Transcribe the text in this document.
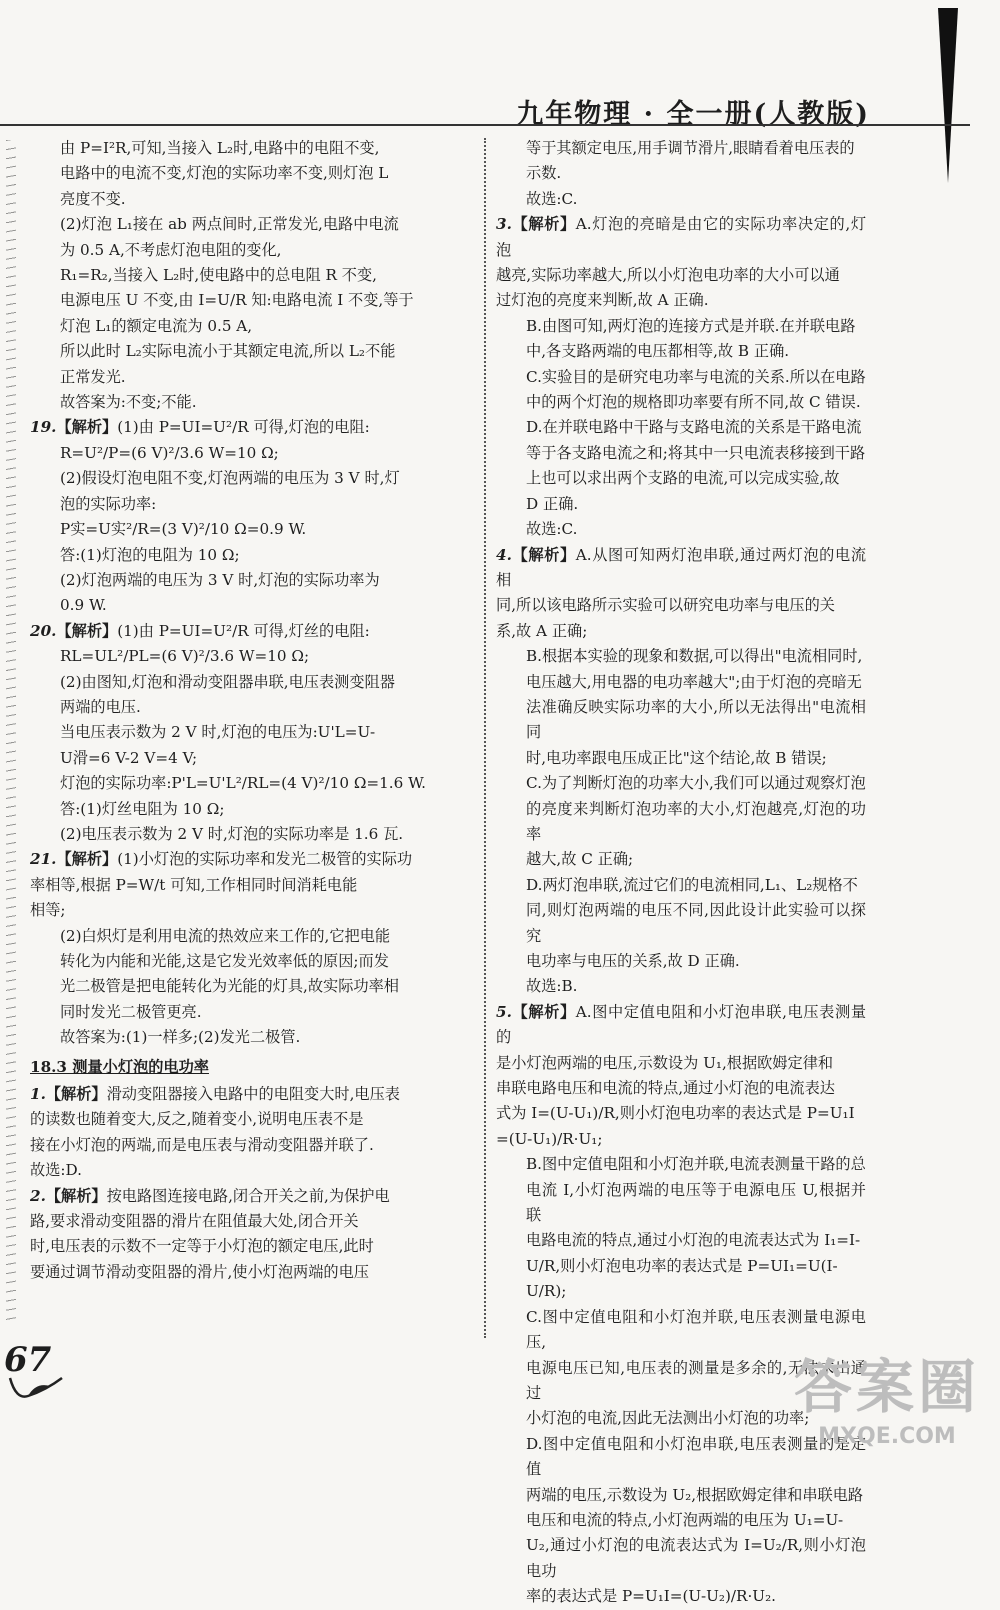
九年物理 · 全一册(人教版)

由 P=I²R,可知,当接入 L₂时,电路中的电阻不变,
电路中的电流不变,灯泡的实际功率不变,则灯泡 L
亮度不变.

(2)灯泡 L₁接在 ab 两点间时,正常发光,电路中电流
为 0.5 A,不考虑灯泡电阻的变化,

R₁=R₂,当接入 L₂时,使电路中的总电阻 R 不变,

电源电压 U 不变,由 I=U/R 知:电路电流 I 不变,等于

灯泡 L₁的额定电流为 0.5 A,

所以此时 L₂实际电流小于其额定电流,所以 L₂不能
正常发光.

故答案为:不变;不能.

19.【解析】(1)由 P=UI=U²/R 可得,灯泡的电阻:

R=U²/P=(6 V)²/3.6 W=10 Ω;

(2)假设灯泡电阻不变,灯泡两端的电压为 3 V 时,灯
泡的实际功率:

P实=U实²/R=(3 V)²/10 Ω=0.9 W.

答:(1)灯泡的电阻为 10 Ω;

(2)灯泡两端的电压为 3 V 时,灯泡的实际功率为
0.9 W.

20.【解析】(1)由 P=UI=U²/R 可得,灯丝的电阻:

RL=UL²/PL=(6 V)²/3.6 W=10 Ω;

(2)由图知,灯泡和滑动变阻器串联,电压表测变阻器
两端的电压.

当电压表示数为 2 V 时,灯泡的电压为:U'L=U-
U滑=6 V-2 V=4 V;

灯泡的实际功率:P'L=U'L²/RL=(4 V)²/10 Ω=1.6 W.

答:(1)灯丝电阻为 10 Ω;

(2)电压表示数为 2 V 时,灯泡的实际功率是 1.6 瓦.

21.【解析】(1)小灯泡的实际功率和发光二极管的实际功
率相等,根据 P=W/t 可知,工作相同时间消耗电能
相等;

(2)白炽灯是利用电流的热效应来工作的,它把电能
转化为内能和光能,这是它发光效率低的原因;而发
光二极管是把电能转化为光能的灯具,故实际功率相
同时发光二极管更亮.

故答案为:(1)一样多;(2)发光二极管.

18.3 测量小灯泡的电功率

1.【解析】滑动变阻器接入电路中的电阻变大时,电压表
的读数也随着变大,反之,随着变小,说明电压表不是
接在小灯泡的两端,而是电压表与滑动变阻器并联了.
故选:D.

2.【解析】按电路图连接电路,闭合开关之前,为保护电
路,要求滑动变阻器的滑片在阻值最大处,闭合开关
时,电压表的示数不一定等于小灯泡的额定电压,此时
要通过调节滑动变阻器的滑片,使小灯泡两端的电压

等于其额定电压,用手调节滑片,眼睛看着电压表的
示数.

故选:C.

3.【解析】A.灯泡的亮暗是由它的实际功率决定的,灯泡
越亮,实际功率越大,所以小灯泡电功率的大小可以通
过灯泡的亮度来判断,故 A 正确.

B.由图可知,两灯泡的连接方式是并联.在并联电路
中,各支路两端的电压都相等,故 B 正确.

C.实验目的是研究电功率与电流的关系.所以在电路
中的两个灯泡的规格即功率要有所不同,故 C 错误.

D.在并联电路中干路与支路电流的关系是干路电流
等于各支路电流之和;将其中一只电流表移接到干路
上也可以求出两个支路的电流,可以完成实验,故
D 正确.

故选:C.

4.【解析】A.从图可知两灯泡串联,通过两灯泡的电流相
同,所以该电路所示实验可以研究电功率与电压的关
系,故 A 正确;

B.根据本实验的现象和数据,可以得出"电流相同时,
电压越大,用电器的电功率越大";由于灯泡的亮暗无
法准确反映实际功率的大小,所以无法得出"电流相同
时,电功率跟电压成正比"这个结论,故 B 错误;

C.为了判断灯泡的功率大小,我们可以通过观察灯泡
的亮度来判断灯泡功率的大小,灯泡越亮,灯泡的功率
越大,故 C 正确;

D.两灯泡串联,流过它们的电流相同,L₁、L₂规格不
同,则灯泡两端的电压不同,因此设计此实验可以探究
电功率与电压的关系,故 D 正确.

故选:B.

5.【解析】A.图中定值电阻和小灯泡串联,电压表测量的
是小灯泡两端的电压,示数设为 U₁,根据欧姆定律和
串联电路电压和电流的特点,通过小灯泡的电流表达
式为 I=(U-U₁)/R,则小灯泡电功率的表达式是 P=U₁I
=(U-U₁)/R·U₁;

B.图中定值电阻和小灯泡并联,电流表测量干路的总
电流 I,小灯泡两端的电压等于电源电压 U,根据并联
电路电流的特点,通过小灯泡的电流表达式为 I₁=I-
U/R,则小灯泡电功率的表达式是 P=UI₁=U(I-
U/R);

C.图中定值电阻和小灯泡并联,电压表测量电源电压,
电源电压已知,电压表的测量是多余的,无法求出通过
小灯泡的电流,因此无法测出小灯泡的功率;

D.图中定值电阻和小灯泡串联,电压表测量的是定值
两端的电压,示数设为 U₂,根据欧姆定律和串联电路
电压和电流的特点,小灯泡两端的电压为 U₁=U-
U₂,通过小灯泡的电流表达式为 I=U₂/R,则小灯泡电功
率的表达式是 P=U₁I=(U-U₂)/R·U₂.

67	答案圈
MXQE.COM
